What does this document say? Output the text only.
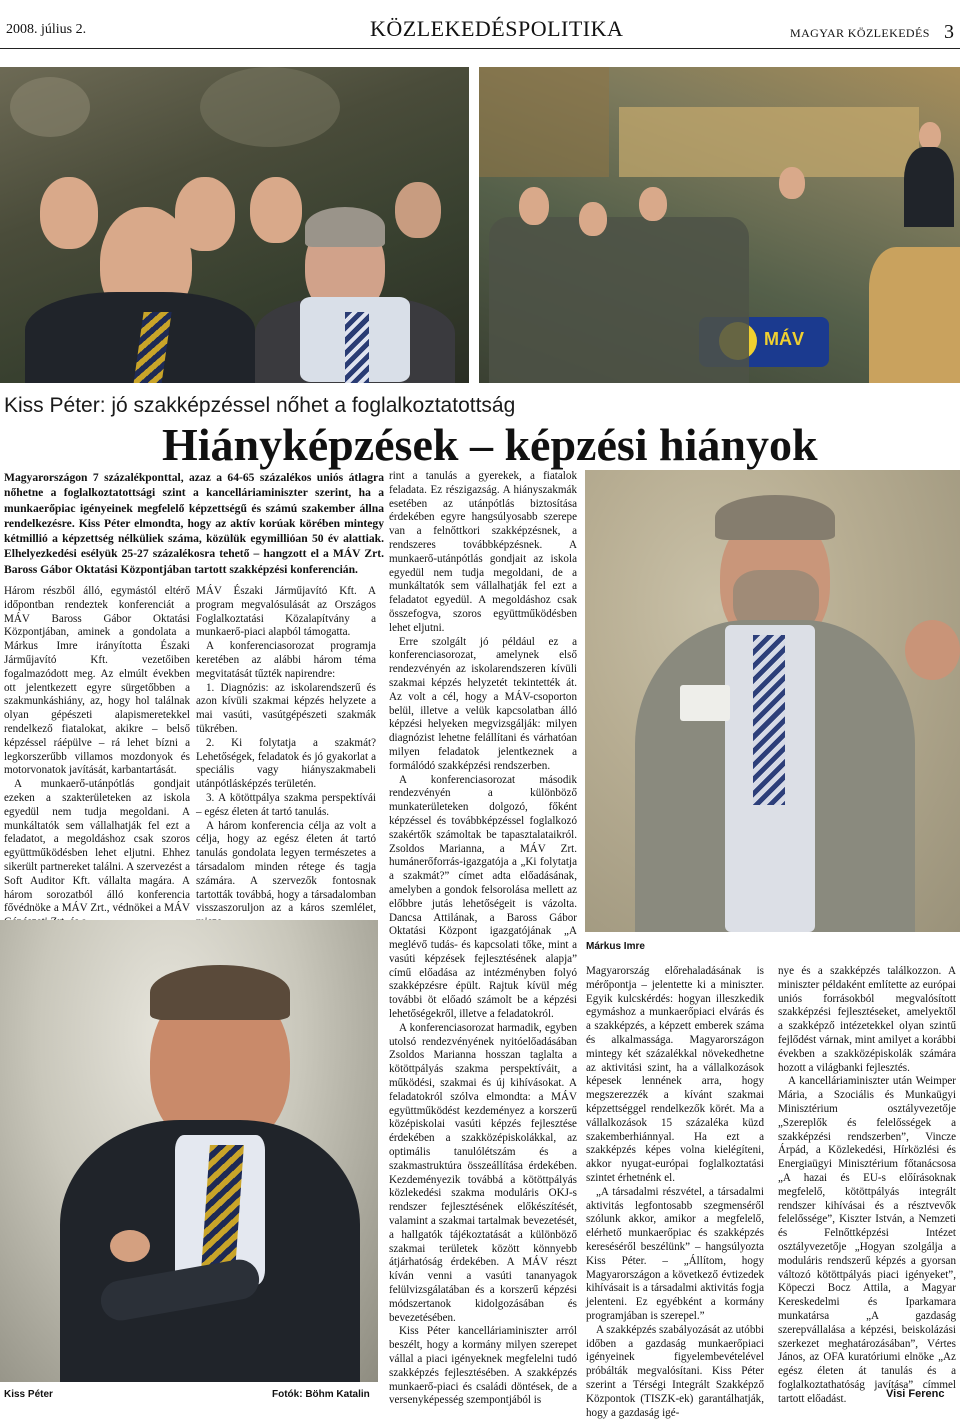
2008. július 2.	KÖZLEKEDÉSPOLITIKA	MAGYAR KÖZLEKEDÉS 3
MÁV
Kiss Péter: jó szakképzéssel nőhet a foglalkoztatottság
Hiányképzések – képzési hiányok
Magyarországon 7 százalékponttal, azaz a 64-65 százalékos uniós átlagra nőhetne a foglalkoztatottsági szint a kancelláriaminiszter szerint, ha a munkaerőpiac igényeinek megfelelő képzettségű és számú szakember állna rendelkezésre. Kiss Péter elmondta, hogy az aktív korúak körében mintegy kétmillió a képzettség nélküliek száma, közülük egymillióan 50 év alattiak. Elhelyezkedési esélyük 25-27 százalékosra tehető – hangzott el a MÁV Zrt. Baross Gábor Oktatási Központjában tartott szakképzési konferencián.

Három részből álló, egymástól eltérő időpontban rendeztek konferenciát a MÁV Baross Gábor Oktatási Központjában, aminek a gondolata a Márkus Imre irányította Északi Járműjavító Kft. vezetőiben fogalmazódott meg. Az elmúlt években ott jelentkezett egyre sürgetőbben a szakmunkáshiány, az, hogy hol találnak olyan gépészeti alapismeretekkel rendelkező fiatalokat, akikre – belső képzéssel ráépülve – rá lehet bízni a legkorszerűbb villamos mozdonyok és motorvonatok javítását, karbantartását.

A munkaerő-utánpótlás gondjait ezeken a szakterületeken az iskola egyedül nem tudja megoldani. A munkáltatók sem vállalhatják fel ezt a feladatot, a megoldáshoz csak szoros együttműködésben lehet eljutni. Ehhez sikerült partnereket találni. A szervezést a Soft Auditor Kft. vállalta magára. A három sorozatból álló konferencia fővédnöke a MÁV Zrt., védnökei a MÁV

MÁV Északi Járműjavító Kft. A program megvalósulását az Országos Foglalkoztatási Közalapítvány a munkaerő-piaci alapból támogatta.

A konferenciasorozat programja keretében az alábbi három téma megvitatását tűzték napirendre:

1. Diagnózis: az iskolarendszerű és azon kívüli szakmai képzés helyzete a mai vasúti, vasútgépészeti szakmák tükrében.

2. Ki folytatja a szakmát? Lehetőségek, feladatok és jó gyakorlat a speciális vagy hiányszakmabeli utánpótlásképzés területén.

3. A kötöttpálya szakma perspektívái – egész életen át tartó tanulás.

A három konferencia célja az volt a célja, hogy az egész életen át tartó tanulás gondolata legyen természetes a társadalom minden rétege és tagja számára. A szervezők fontosnak tartották továbbá, hogy a társadalomban visszaszoruljon az a káros szemlélet,

Kiss Péter	Fotók: Böhm Katalin

rint a tanulás a gyerekek, a fiatalok feladata. Ez részigazság. A hiányszakmák esetében az utánpótlás biztosítása érdekében egyre hangsúlyosabb szerepe van a felnőttkori szakképzésnek, a rendszeres továbbképzésnek. A munkaerő-utánpótlás gondjait az iskola egyedül nem tudja megoldani, de a munkáltatók sem vállalhatják fel ezt a feladatot egyedül. A megoldáshoz csak összefogva, szoros együttműködésben lehet eljutni.

Erre szolgált jó például ez a konferenciasorozat, amelynek első rendezvényén az iskolarendszeren kívüli szakmai képzés helyzetét tekintették át. Az volt a cél, hogy a MÁV-csoporton belül, illetve a velük kapcsolatban álló képzési helyeken megvizsgálják: milyen diagnózist lehetne felállítani és várhatóan milyen feladatok jelentkeznek a formálódó szakképzési rendszerben.

A konferenciasorozat második rendezvényén a különböző munkaterületeken dolgozó, főként képzéssel és továbbképzéssel foglalkozó szakértők számoltak be tapasztalataikról. Zsoldos Marianna, a MÁV Zrt. humánerőforrás-igazgatója a „Ki folytatja a szakmát?” címet adta előadásának, amelyben a gondok felsorolása mellett az előbbre jutás lehetőségeit is vázolta. Dancsa Attilának, a Baross Gábor Oktatási Központ igazgatójának „A meglévő tudás- és kapcsolati tőke, mint a vasúti képzések fejlesztésének alapja” című előadása az intézményben folyó szakképzésre épült. Rajtuk kívül még további öt előadó számolt be a képzési lehetőségekről, illetve a feladatokról.

A konferenciasorozat harmadik, egyben utolsó rendezvényének nyitóelőadásában Zsoldos Marianna hosszan taglalta a kötöttpályás szakma perspektíváit, a működési, szakmai és új kihívásokat. A feladatokról szólva elmondta: a MÁV együttműködést kezdeményez a korszerű középiskolai vasúti képzés fejlesztése érdekében a szakközépiskolákkal, az optimális tanulólétszám és a szakmastruktúra összeállítása érdekében. Kezdeményezik továbbá a kötöttpályás közlekedési szakma moduláris OKJ-s rendszer fejlesztésének előkészítését, valamint a szakmai tartalmak bevezetését, a hallgatók tájékoztatását a különböző szakmai területek között könnyebb átjárhatóság érdekében. A MÁV részt kíván venni a vasúti tananyagok felülvizsgálatában és a korszerű képzési módszertanok kidolgozásában és bevezetésében.

Kiss Péter kancelláriaminiszter arról beszélt, hogy a kormány milyen szerepet vállal a piaci igényeknek megfelelni tudó szakképzés fejlesztésében. A szakképzés munkaerő-piaci és családi döntések, de a versenyképesség szempontjából is

Márkus Imre

Magyarország előrehaladásának is mérőpontja – jelentette ki a miniszter. Egyik kulcskérdés: hogyan illeszkedik egymáshoz a munkaerőpiaci elvárás és a szakképzés, a képzett emberek száma és alkalmassága. Magyarországon mintegy két százalékkal növekedhetne az aktivitási szint, ha a vállalkozások képesek lennének arra, hogy megszerezzék a kívánt szakmai képzettséggel rendelkezők körét. Ma a vállalkozások 15 százaléka küzd szakemberhiánnyal. Ha ezt a szakképzés képes volna kielégíteni, akkor nyugat-európai foglalkoztatási szintet érhetnénk el.

„A társadalmi részvétel, a társadalmi aktivitás legfontosabb szegmenséről szólunk akkor, amikor a megfelelő, elérhető munkaerőpiac és szakképzés kereséséről beszélünk” – hangsúlyozta Kiss Péter. – „Állítom, hogy Magyarországon a következő évtizedek kihívásait is a társadalmi aktivitás fogja jelenteni. Ez egyébként a kormány programjában is szerepel.”

A szakképzés szabályozását az utóbbi időben a gazdaság munkaerőpiaci igényeinek figyelembevételével próbálták megvalósítani. Kiss Péter szerint a Térségi Integrált Szakképző Központok (TISZK-ek) garantálhatják, hogy a gazdaság igé-

nye és a szakképzés találkozzon. A miniszter példaként említette az európai uniós forrásokból megvalósított szakképzési fejlesztéseket, amelyektől a szakképző intézetekkel olyan szintű fejlődést várnak, mint amilyet a korábbi években a szakközépiskolák számára hozott a világbanki fejlesztés.

A kancelláriaminiszter után Weimper Mária, a Szociális és Munkaügyi Minisztérium osztályvezetője „Szereplők és felelősségek a szakképzési rendszerben”, Vincze Árpád, a Közlekedési, Hírközlési és Energiaügyi Minisztérium főtanácsosa „A hazai és EU-s előírásoknak megfelelő, kötöttpályás integrált rendszer kihívásai és a résztvevők felelőssége”, Kiszter István, a Nemzeti és Felnőttképzési Intézet osztályvezetője „Hogyan szolgálja a moduláris rendszerű képzés a gyorsan változó kötöttpályás piaci igényeket”, Köpeczi Bocz Attila, a Magyar Kereskedelmi és Iparkamara munkatársa „A gazdaság szerepvállalása a képzési, beiskolázási szerkezet meghatározásában”, Vértes János, az OFA kuratóriumi elnöke „Az egész életen át tanulás és a foglalkoztathatóság javítása” címmel tartott előadást.	Visi Ferenc
